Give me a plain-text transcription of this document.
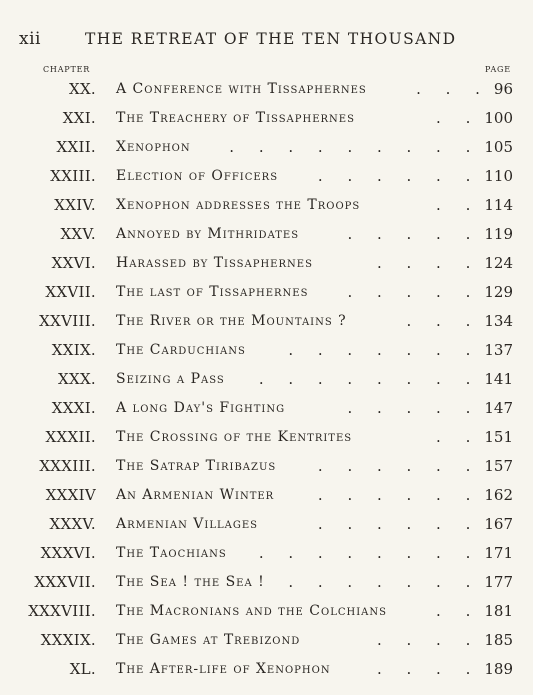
xii	THE RETREAT OF THE TEN THOUSAND
CHAPTER	PAGE
XX. A Conference with Tissaphernes	. . . 96
XXI. The Treachery of Tissaphernes	. . 100
XXII. Xenophon	. . . . . . . . . 105
XXIII. Election of Officers	. . . . . . 110
XXIV. Xenophon addresses the Troops	. . 114
XXV. Annoyed by Mithridates	. . . . . 119
XXVI. Harassed by Tissaphernes	. . . . 124
XXVII. The last of Tissaphernes	. . . . . 129
XXVIII. The River or the Mountains ?	. . . 134
XXIX. The Carduchians	. . . . . . . 137
XXX. Seizing a Pass	. . . . . . . . 141
XXXI. A long Day's Fighting	. . . . . 147
XXXII. The Crossing of the Kentrites	. . 151
XXXIII. The Satrap Tiribazus	. . . . . . 157
XXXIV An Armenian Winter	. . . . . . 162
XXXV. Armenian Villages	. . . . . . 167
XXXVI. The Taochians	. . . . . . . . 171
XXXVII. The Sea ! the Sea !	. . . . . . . 177
XXXVIII. The Macronians and the Colchians	. . 181
XXXIX. The Games at Trebizond	. . . . 185
XL. The After-life of Xenophon	. . . . 189
